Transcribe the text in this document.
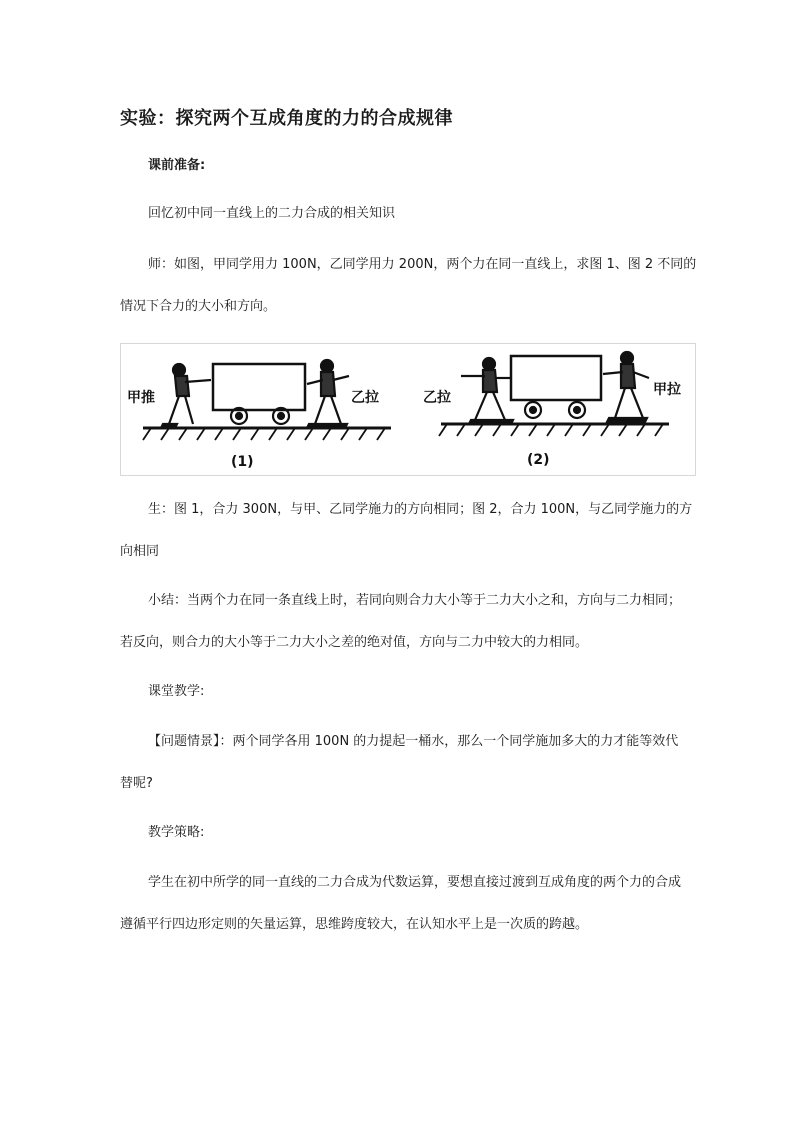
实验：探究两个互成角度的力的合成规律
课前准备:
回忆初中同一直线上的二力合成的相关知识
师：如图，甲同学用力 100N，乙同学用力 200N，两个力在同一直线上，求图 1、图 2 不同的
情况下合力的大小和方向。
甲推	乙拉
(1)
乙拉	甲拉
(2)
生：图 1，合力 300N，与甲、乙同学施力的方向相同；图 2，合力 100N，与乙同学施力的方
向相同
小结：当两个力在同一条直线上时，若同向则合力大小等于二力大小之和，方向与二力相同；
若反向，则合力的大小等于二力大小之差的绝对值，方向与二力中较大的力相同。
课堂教学:
【问题情景】：两个同学各用 100N 的力提起一桶水，那么一个同学施加多大的力才能等效代
替呢?
教学策略:
学生在初中所学的同一直线的二力合成为代数运算，要想直接过渡到互成角度的两个力的合成
遵循平行四边形定则的矢量运算，思维跨度较大，在认知水平上是一次质的跨越。
